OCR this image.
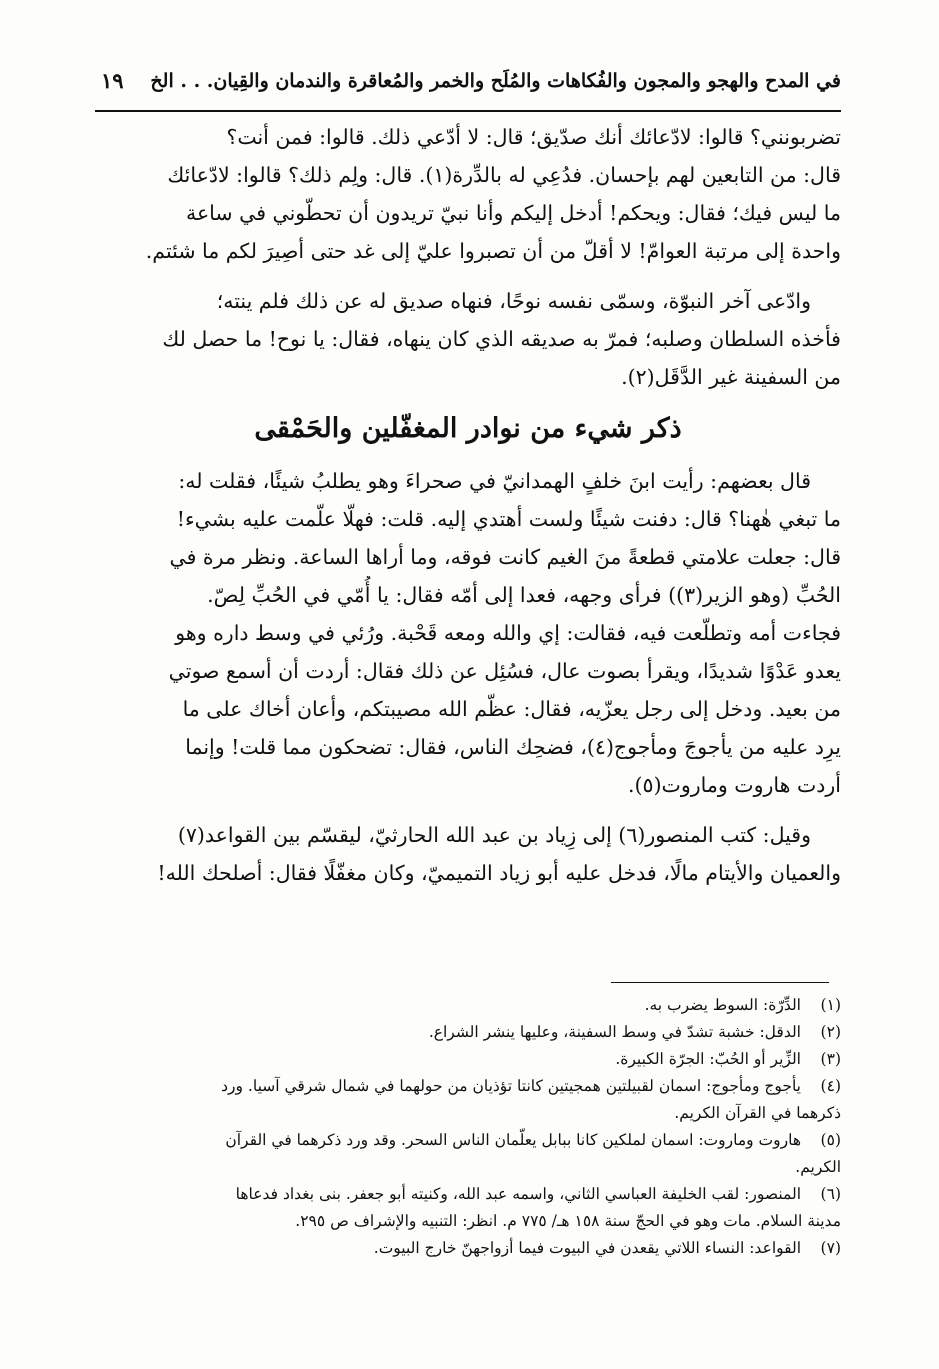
في المدح والهجو والمجون والفُكاهات والمُلَح والخمر والمُعاقرة والندمان والقِيان. . . الخ
١٩
تضربونني؟ قالوا: لادّعائك أنك صدّيق؛ قال: لا أدّعي ذلك. قالوا: فمن أنت؟
قال: من التابعين لهم بإحسان. فدُعِي له بالدِّرة(١). قال: ولِم ذلك؟ قالوا: لادّعائك
ما ليس فيك؛ فقال: ويحكم! أدخل إليكم وأنا نبيّ تريدون أن تحطّوني في ساعة
واحدة إلى مرتبة العوامّ! لا أقلّ من أن تصبروا عليّ إلى غد حتى أصِيرَ لكم ما شئتم.
وادّعى آخر النبوّة، وسمّى نفسه نوحًا، فنهاه صديق له عن ذلك فلم ينته؛
فأخذه السلطان وصلبه؛ فمرّ به صديقه الذي كان ينهاه، فقال: يا نوح! ما حصل لك
من السفينة غير الدَّقَل(٢).
ذكر شيء من نوادر المغفّلين والحَمْقى
قال بعضهم: رأيت ابنَ خلفٍ الهمدانيّ في صحراءَ وهو يطلبُ شيئًا، فقلت له:
ما تبغي هٰهنا؟ قال: دفنت شيئًا ولست أهتدي إليه. قلت: فهلّا علّمت عليه بشيء!
قال: جعلت علامتي قطعةً منَ الغيم كانت فوقه، وما أراها الساعة. ونظر مرة في
الحُبِّ (وهو الزير(٣)) فرأى وجهه، فعدا إلى أمّه فقال: يا أُمّي في الحُبِّ لِصّ.
فجاءت أمه وتطلّعت فيه، فقالت: إي والله ومعه قَحْبة. ورُئي في وسط داره وهو
يعدو عَدْوًا شديدًا، ويقرأ بصوت عال، فسُئِل عن ذلك فقال: أردت أن أسمع صوتي
من بعيد. ودخل إلى رجل يعزّيه، فقال: عظّم الله مصيبتكم، وأعان أخاك على ما
يرِد عليه من يأجوجَ ومأجوج(٤)، فضحِك الناس، فقال: تضحكون مما قلت! وإنما
أردت هاروت وماروت(٥).
وقيل: كتب المنصور(٦) إلى زِياد بن عبد الله الحارثيّ، ليقسّم بين القواعد(٧)
والعميان والأيتام مالًا، فدخل عليه أبو زياد التميميّ، وكان مغفّلًا فقال: أصلحك الله!
(١)
الدِّرّة: السوط يضرب به.
(٢)
الدقل: خشبة تشدّ في وسط السفينة، وعليها ينشر الشراع.
(٣)
الزِّير أو الحُبّ: الجرّة الكبيرة.
(٤)
يأجوج ومأجوج: اسمان لقبيلتين همجيتين كانتا تؤذيان من حولهما في شمال شرقي آسيا. ورد
ذكرهما في القرآن الكريم.
(٥)
هاروت وماروت: اسمان لملكين كانا ببابل يعلّمان الناس السحر. وقد ورد ذكرهما في القرآن
الكريم.
(٦)
المنصور: لقب الخليفة العباسي الثاني، واسمه عبد الله، وكنيته أبو جعفر. بنى بغداد فدعاها
مدينة السلام. مات وهو في الحجّ سنة ١٥٨ هـ/ ٧٧٥ م. انظر: التنبيه والإشراف ص ٢٩٥.
(٧)
القواعد: النساء اللاتي يقعدن في البيوت فيما أزواجهنّ خارج البيوت.
